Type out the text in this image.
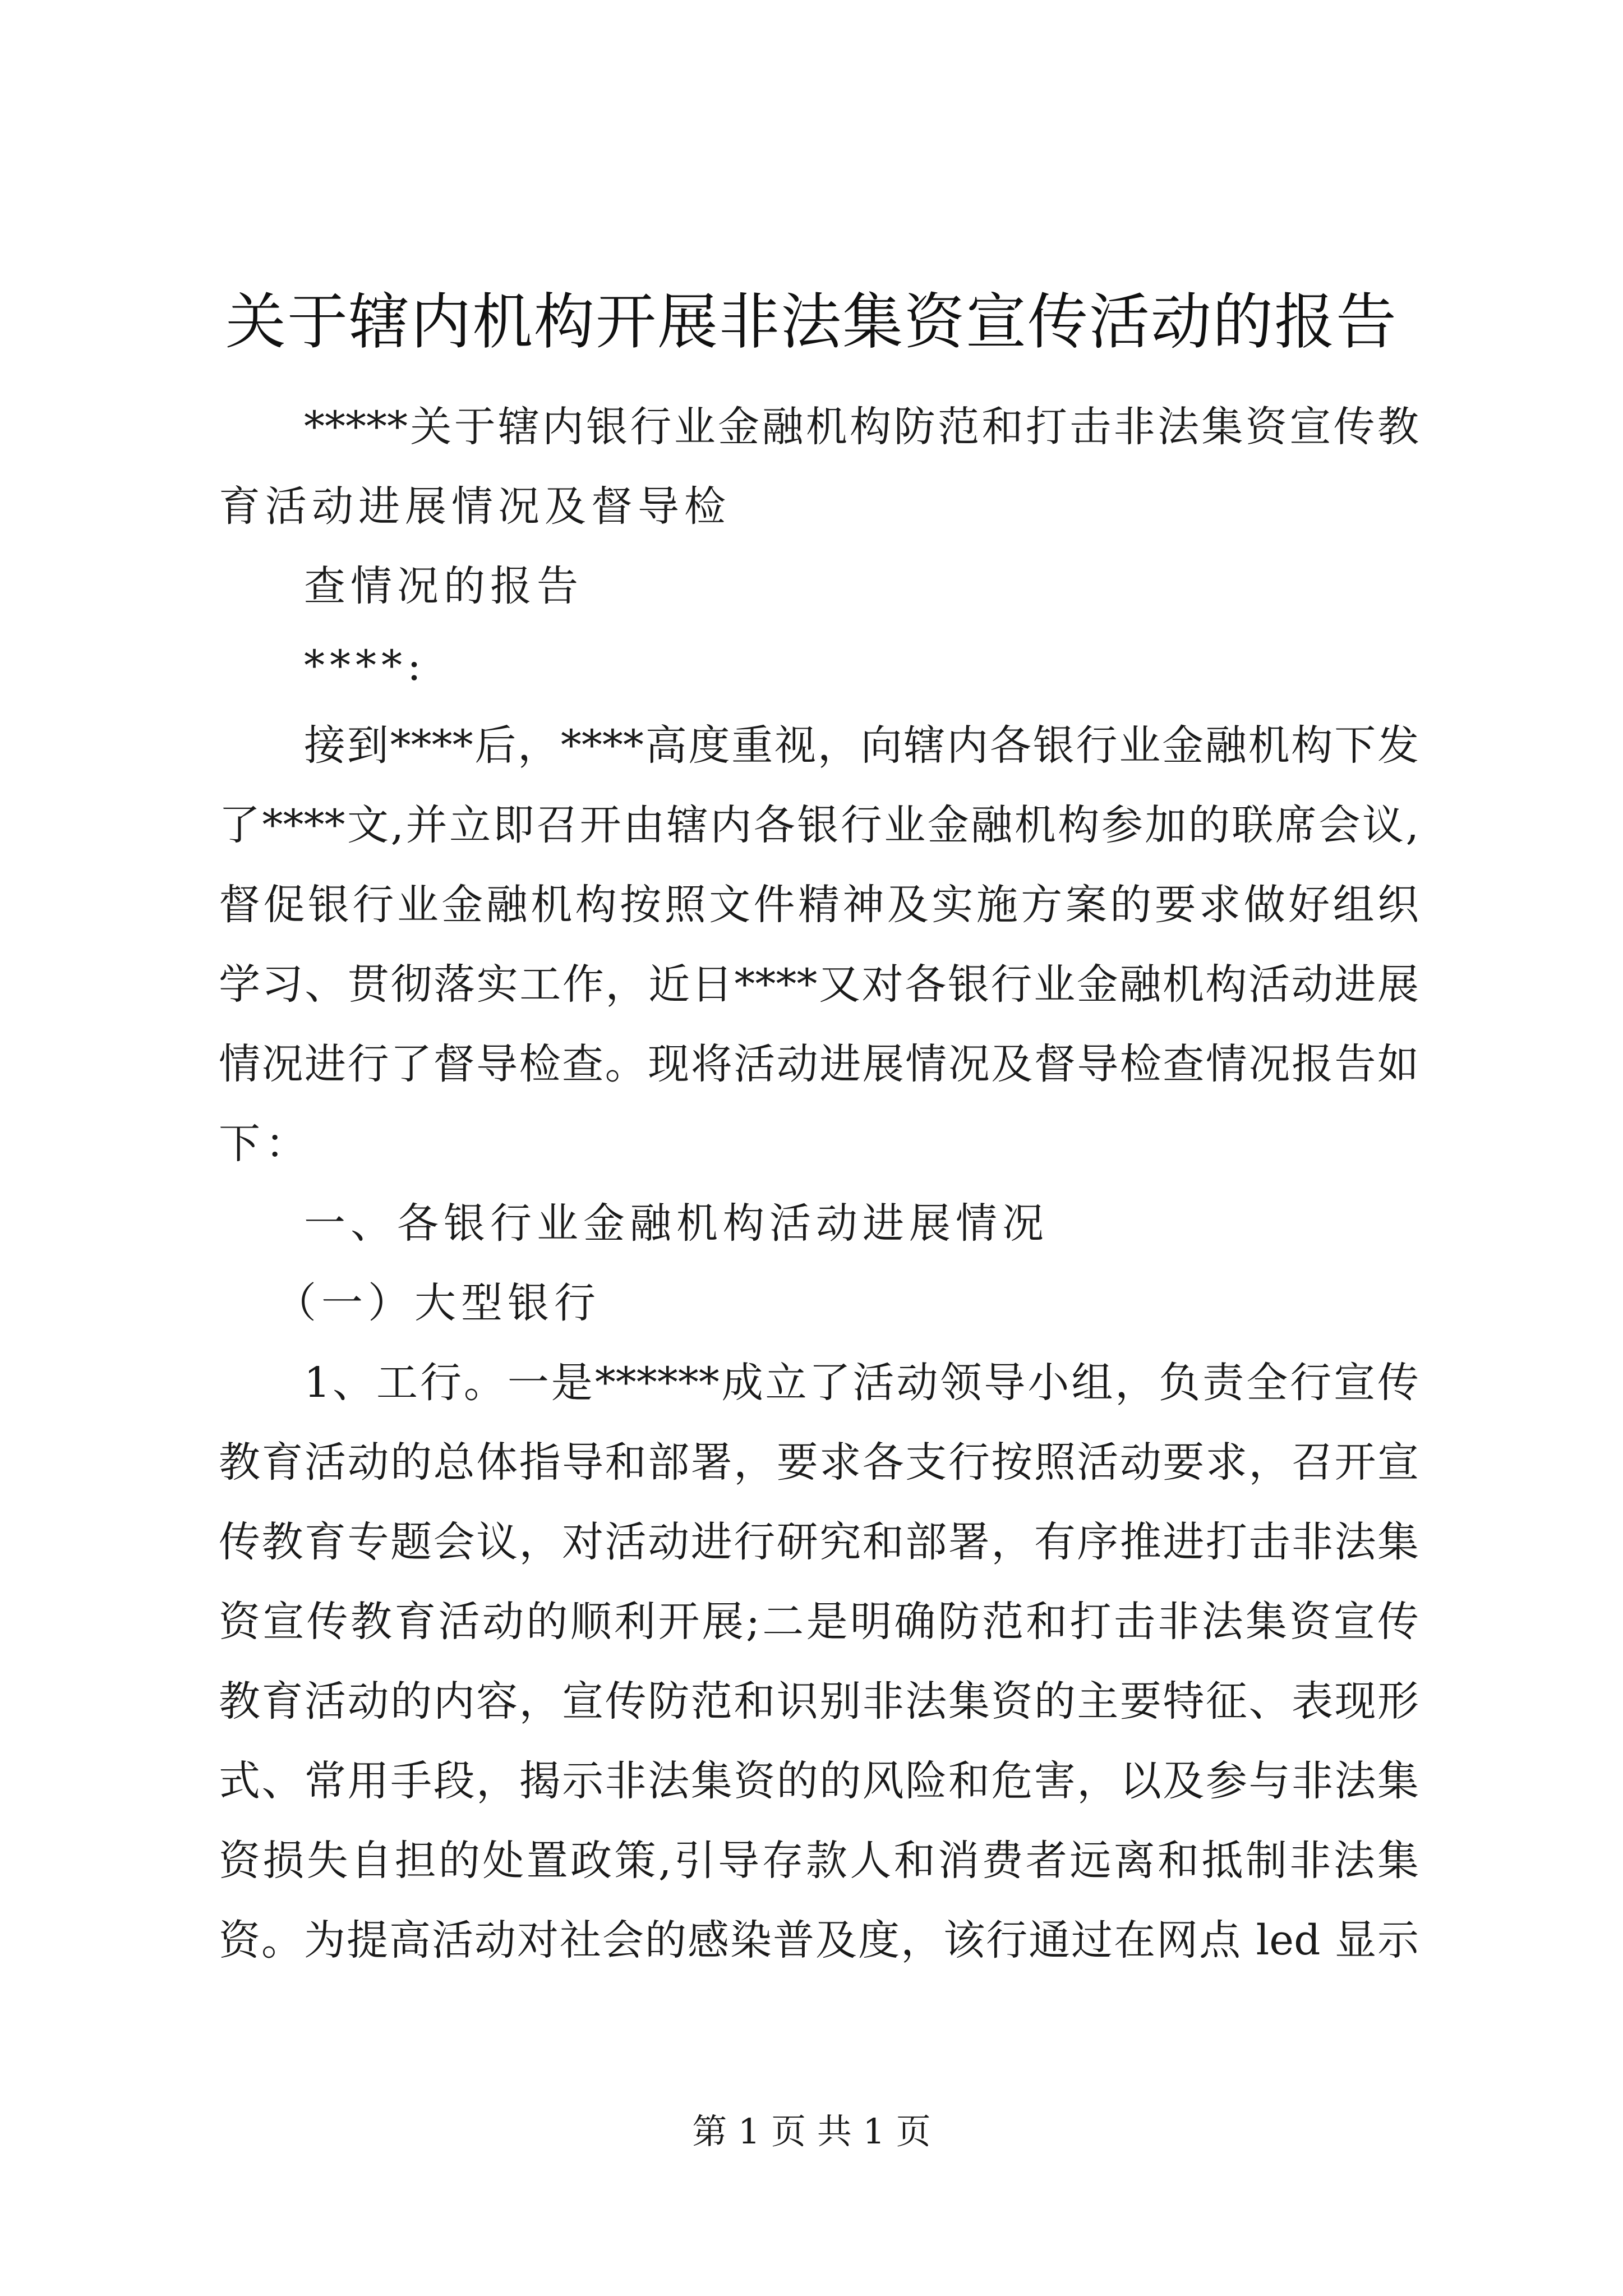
关于辖内机构开展非法集资宣传活动的报告
*****关于辖内银行业金融机构防范和打击非法集资宣传教
育活动进展情况及督导检
查情况的报告
****:
接到****后，****高度重视，向辖内各银行业金融机构下发
了****文,并立即召开由辖内各银行业金融机构参加的联席会议,
督促银行业金融机构按照文件精神及实施方案的要求做好组织
学习、贯彻落实工作，近日****又对各银行业金融机构活动进展
情况进行了督导检查。现将活动进展情况及督导检查情况报告如
下：
一、各银行业金融机构活动进展情况
（一）大型银行
1、工行。一是******成立了活动领导小组，负责全行宣传
教育活动的总体指导和部署，要求各支行按照活动要求，召开宣
传教育专题会议，对活动进行研究和部署，有序推进打击非法集
资宣传教育活动的顺利开展;二是明确防范和打击非法集资宣传
教育活动的内容，宣传防范和识别非法集资的主要特征、表现形
式、常用手段，揭示非法集资的的风险和危害，以及参与非法集
资损失自担的处置政策,引导存款人和消费者远离和抵制非法集
资。为提高活动对社会的感染普及度，该行通过在网点 led 显示
第 1 页 共 1 页
